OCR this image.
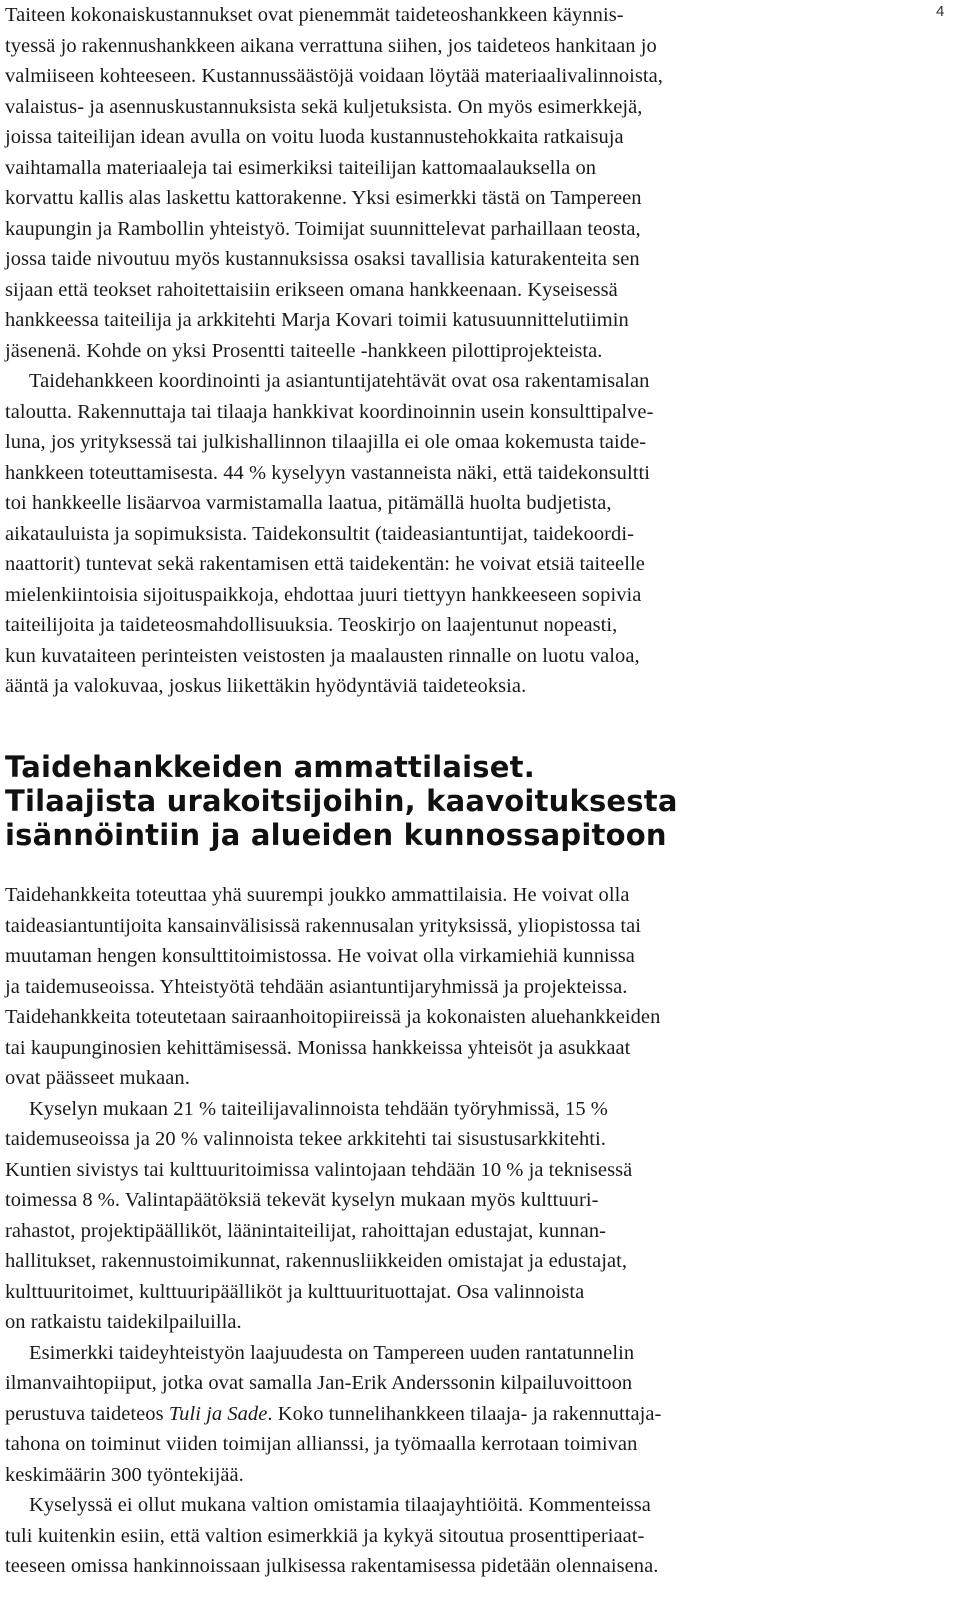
4
Taiteen kokonaiskustannukset ovat pienemmät taideteoshankkeen käynnis-
tyessä jo rakennushankkeen aikana verrattuna siihen, jos taideteos hankitaan jo
valmiiseen kohteeseen. Kustannussäästöjä voidaan löytää materiaalivalinnoista,
valaistus- ja asennuskustannuksista sekä kuljetuksista. On myös esimerkkejä,
joissa taiteilijan idean avulla on voitu luoda kustannustehokkaita ratkaisuja
vaihtamalla materiaaleja tai esimerkiksi taiteilijan kattomaalauksella on
korvattu kallis alas laskettu kattorakenne. Yksi esimerkki tästä on Tampereen
kaupungin ja Rambollin yhteistyö. Toimijat suunnittelevat parhaillaan teosta,
jossa taide nivoutuu myös kustannuksissa osaksi tavallisia katurakenteita sen
sijaan että teokset rahoitettaisiin erikseen omana hankkeenaan. Kyseisessä
hankkeessa taiteilija ja arkkitehti Marja Kovari toimii katusuunnittelutiimin
jäsenenä. Kohde on yksi Prosentti taiteelle -hankkeen pilottiprojekteista.
Taidehankkeen koordinointi ja asiantuntijatehtävät ovat osa rakentamisalan
taloutta. Rakennuttaja tai tilaaja hankkivat koordinoinnin usein konsulttipalve-
luna, jos yrityksessä tai julkishallinnon tilaajilla ei ole omaa kokemusta taide-
hankkeen toteuttamisesta. 44 % kyselyyn vastanneista näki, että taidekonsultti
toi hankkeelle lisäarvoa varmistamalla laatua, pitämällä huolta budjetista,
aikatauluista ja sopimuksista. Taidekonsultit (taideasiantuntijat, taidekoordi-
naattorit) tuntevat sekä rakentamisen että taidekentän: he voivat etsiä taiteelle
mielenkiintoisia sijoituspaikkoja, ehdottaa juuri tiettyyn hankkeeseen sopivia
taiteilijoita ja taideteosmahdollisuuksia. Teoskirjo on laajentunut nopeasti,
kun kuvataiteen perinteisten veistosten ja maalausten rinnalle on luotu valoa,
ääntä ja valokuvaa, joskus liikettäkin hyödyntäviä taideteoksia.
Taidehankkeiden ammattilaiset.
Tilaajista urakoitsijoihin, kaavoituksesta
isännöintiin ja alueiden kunnossapitoon
Taidehankkeita toteuttaa yhä suurempi joukko ammattilaisia. He voivat olla
taideasiantuntijoita kansainvälisissä rakennusalan yrityksissä, yliopistossa tai
muutaman hengen konsulttitoimistossa. He voivat olla virkamiehiä kunnissa
ja taidemuseoissa. Yhteistyötä tehdään asiantuntijaryhmissä ja projekteissa.
Taidehankkeita toteutetaan sairaanhoitopiireissä ja kokonaisten aluehankkeiden
tai kaupunginosien kehittämisessä. Monissa hankkeissa yhteisöt ja asukkaat
ovat päässeet mukaan.
Kyselyn mukaan 21 % taiteilijavalinnoista tehdään työryhmissä, 15 %
taidemuseoissa ja 20 % valinnoista tekee arkkitehti tai sisustusarkkitehti.
Kuntien sivistys tai kulttuuritoimissa valintojaan tehdään 10 % ja teknisessä
toimessa 8 %. Valintapäätöksiä tekevät kyselyn mukaan myös kulttuuri-
rahastot, projektipäälliköt, läänintaiteilijat, rahoittajan edustajat, kunnan-
hallitukset, rakennustoimikunnat, rakennusliikkeiden omistajat ja edustajat,
kulttuuritoimet, kulttuuripäälliköt ja kulttuurituottajat. Osa valinnoista
on ratkaistu taidekilpailuilla.
Esimerkki taideyhteistyön laajuudesta on Tampereen uuden rantatunnelin
ilmanvaihtopiiput, jotka ovat samalla Jan-Erik Anderssonin kilpailuvoittoon
perustuva taideteos Tuli ja Sade. Koko tunnelihankkeen tilaaja- ja rakennuttaja-
tahona on toiminut viiden toimijan allianssi, ja työmaalla kerrotaan toimivan
keskimäärin 300 työntekijää.
Kyselyssä ei ollut mukana valtion omistamia tilaajayhtiöitä. Kommenteissa
tuli kuitenkin esiin, että valtion esimerkkiä ja kykyä sitoutua prosenttiperiaat-
teeseen omissa hankinnoissaan julkisessa rakentamisessa pidetään olennaisena.
